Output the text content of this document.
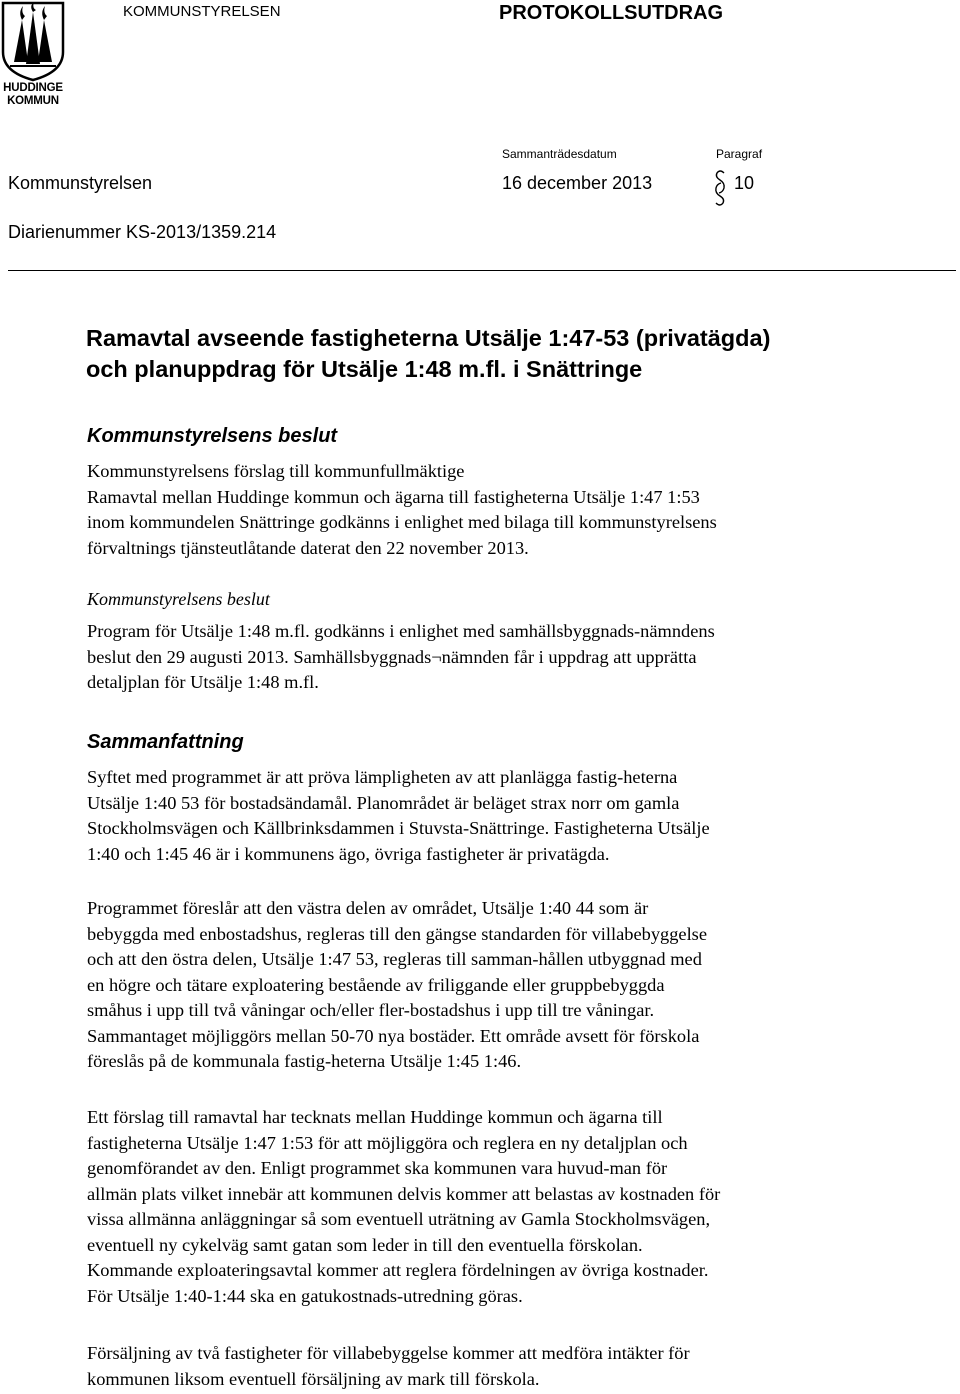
HUDDINGE
KOMMUN
KOMMUNSTYRELSEN	PROTOKOLLSUTDRAG
Sammanträdesdatum	Paragraf
Kommunstyrelsen	16 december 2013	10
Diarienummer KS-2013/1359.214
Ramavtal avseende fastigheterna Utsälje 1:47-53 (privatägda)
och planuppdrag för Utsälje 1:48 m.fl. i Snättringe
Kommunstyrelsens beslut

Kommunstyrelsens förslag till kommunfullmäktige
Ramavtal mellan Huddinge kommun och ägarna till fastigheterna Utsälje 1:47 1:53
inom kommundelen Snättringe godkänns i enlighet med bilaga till kommunstyrelsens
förvaltnings tjänsteutlåtande daterat den 22 november 2013.

Kommunstyrelsens beslut

Program för Utsälje 1:48 m.fl. godkänns i enlighet med samhällsbyggnads-nämndens
beslut den 29 augusti 2013. Samhällsbyggnads¬nämnden får i uppdrag att upprätta
detaljplan för Utsälje 1:48 m.fl.

Sammanfattning

Syftet med programmet är att pröva lämpligheten av att planlägga fastig-heterna
Utsälje 1:40 53 för bostadsändamål. Planområdet är beläget strax norr om gamla
Stockholmsvägen och Källbrinksdammen i Stuvsta-Snättringe. Fastigheterna Utsälje
1:40 och 1:45 46 är i kommunens ägo, övriga fastigheter är privatägda.

Programmet föreslår att den västra delen av området, Utsälje 1:40 44 som är
bebyggda med enbostadshus, regleras till den gängse standarden för villabebyggelse
och att den östra delen, Utsälje 1:47 53, regleras till samman-hållen utbyggnad med
en högre och tätare exploatering bestående av friliggande eller gruppbebyggda
småhus i upp till två våningar och/eller fler-bostadshus i upp till tre våningar.
Sammantaget möjliggörs mellan 50-70 nya bostäder. Ett område avsett för förskola
föreslås på de kommunala fastig-heterna Utsälje 1:45 1:46.

Ett förslag till ramavtal har tecknats mellan Huddinge kommun och ägarna till
fastigheterna Utsälje 1:47 1:53 för att möjliggöra och reglera en ny detaljplan och
genomförandet av den. Enligt programmet ska kommunen vara huvud-man för
allmän plats vilket innebär att kommunen delvis kommer att belastas av kostnaden för
vissa allmänna anläggningar så som eventuell uträtning av Gamla Stockholmsvägen,
eventuell ny cykelväg samt gatan som leder in till den eventuella förskolan.
Kommande exploateringsavtal kommer att reglera fördelningen av övriga kostnader.
För Utsälje 1:40-1:44 ska en gatukostnads-utredning göras.

Försäljning av två fastigheter för villabebyggelse kommer att medföra intäkter för
kommunen liksom eventuell försäljning av mark till förskola.
